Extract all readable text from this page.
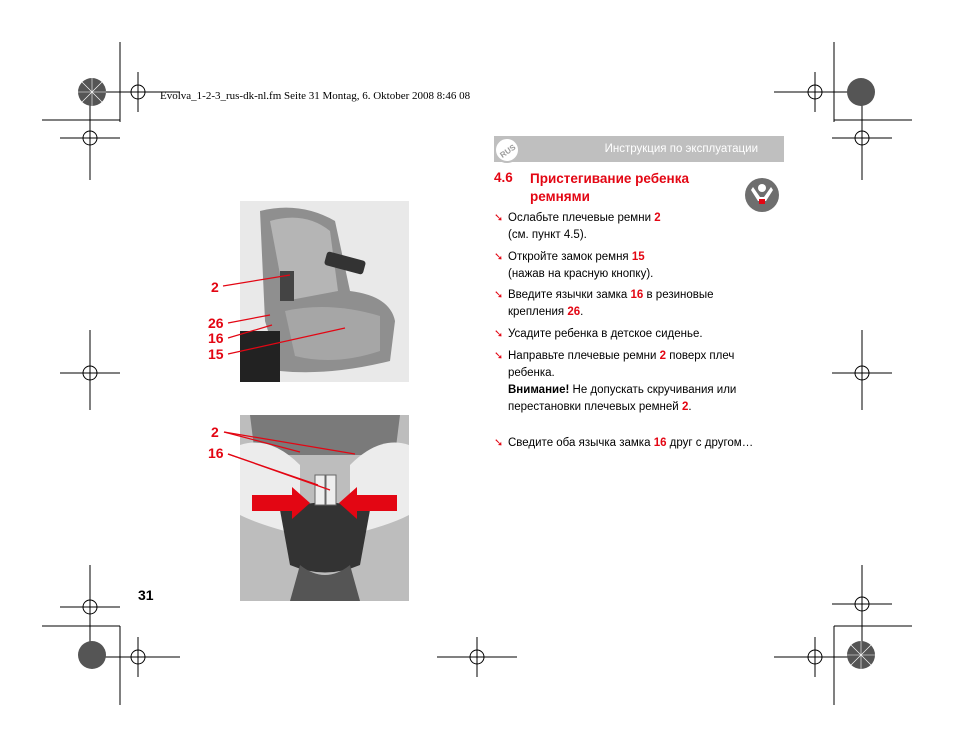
Evolva_1-2-3_rus-dk-nl.fm Seite 31 Montag, 6. Oktober 2008 8:46 08
Инструкция по эксплуатации
RUS
4.6 Пристегивание ребенка ремнями
➘ Ослабьте плечевые ремни 2
(см. пункт 4.5).
➘ Откройте замок ремня 15
(нажав на красную кнопку).
➘ Введите язычки замка 16 в резиновые
крепления 26.
➘ Усадите ребенка в детское сиденье.
➘ Направьте плечевые ремни 2 поверх плеч
ребенка.
Внимание! Не допускать скручивания или
перестановки плечевых ремней 2.
➘ Сведите оба язычка замка 16 друг с другом…
2
26
16
15
2
16
31
